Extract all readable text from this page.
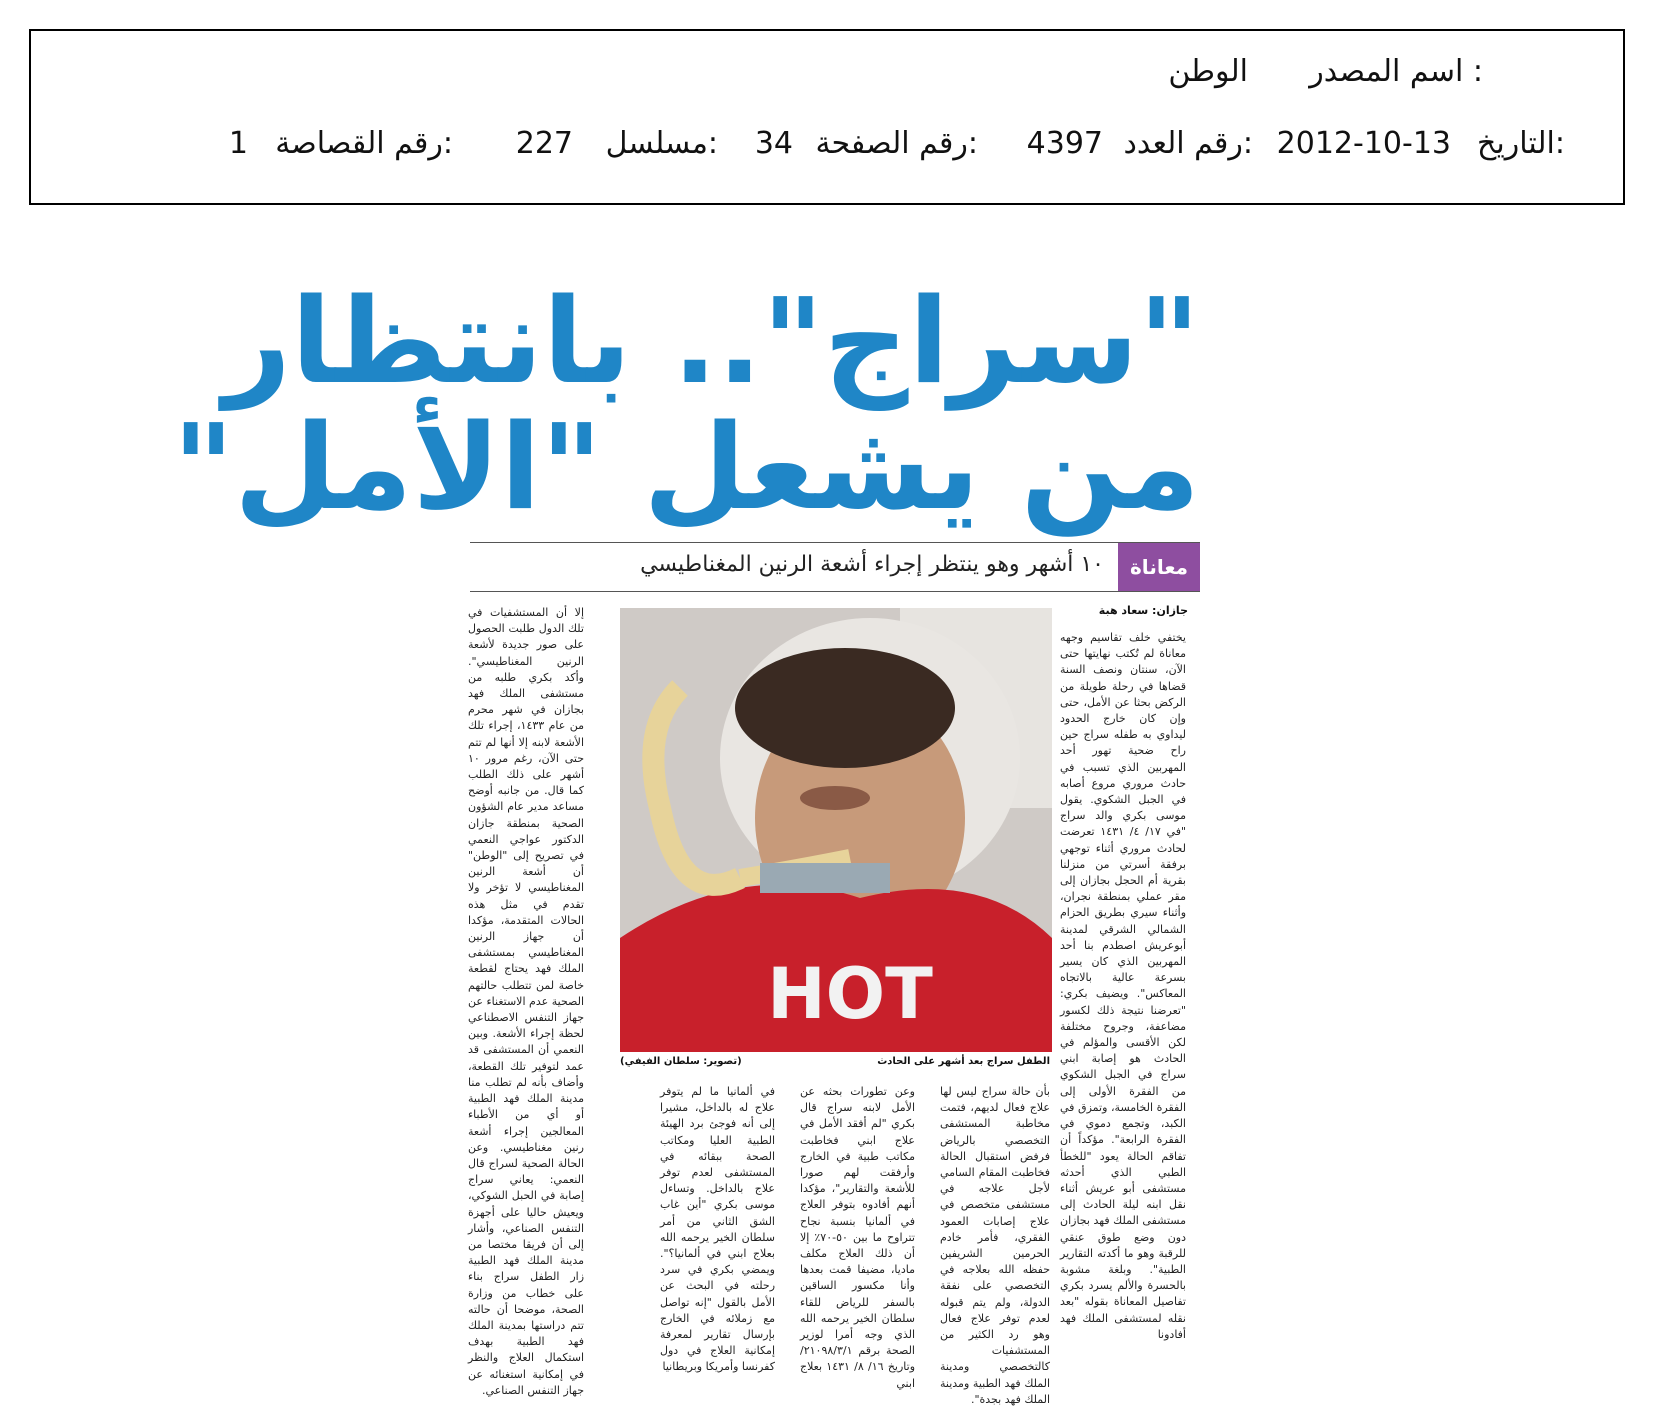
اسم المصدر :
الوطن
التاريخ:
2012-10-13
رقم العدد:
4397
رقم الصفحة:
34
مسلسل:
227
رقم القصاصة:
1
"سراج".. بانتظار
من يشعل "الأمل"
معاناة
١٠ أشهر وهو ينتظر إجراء أشعة الرنين المغناطيسي
جازان: سعاد هبة
يختفي خلف تقاسيم وجهه معاناة لم تُكتب نهايتها حتى الآن، سنتان ونصف السنة قضاها في رحلة طويلة من الركض بحثا عن الأمل، حتى وإن كان خارج الحدود ليداوي به طفله سراج حين راح ضحية تهور أحد المهربين الذي تسبب في حادث مروري مروع أصابه في الجبل الشكوي. يقول موسى بكري والد سراج "في ١٧/ ٤/ ١٤٣١ تعرضت لحادث مروري أثناء توجهي برفقة أسرتي من منزلنا بقرية أم الحجل بجازان إلى مقر عملي بمنطقة نجران، وأثناء سيري بطريق الحزام الشمالي الشرقي لمدينة أبوعريش اصطدم بنا أحد المهربين الذي كان يسير بسرعة عالية بالاتجاه المعاكس". ويضيف بكري: "تعرضنا نتيجة ذلك لكسور مضاعفة، وجروح مختلفة لكن الأقسى والمؤلم في الحادث هو إصابة ابني سراج في الجبل الشكوي من الفقرة الأولى إلى الفقرة الخامسة، وتمزق في الكبد، وتجمع دموي في الفقرة الرابعة". مؤكداً أن تفاقم الحالة يعود "للخطأ الطبي الذي أحدثه مستشفى أبو عريش أثناء نقل ابنه ليلة الحادث إلى مستشفى الملك فهد بجازان دون وضع طوق عنقي للرقبة وهو ما أكدته التقارير الطبية". وبلغة مشوبة بالحسرة والألم يسرد بكري تفاصيل المعاناة بقوله "بعد نقله لمستشفى الملك فهد أفادونا
HOT
الطفل سراج بعد أشهر على الحادث
(تصوير: سلطان الفيفي)
بأن حالة سراج ليس لها علاج فعال لديهم، فتمت مخاطبة المستشفى التخصصي بالرياض فرفض استقبال الحالة فخاطبت المقام السامي لأجل علاجه في مستشفى متخصص في علاج إصابات العمود الفقري، فأمر خادم الحرمين الشريفين حفظه الله بعلاجه في التخصصي على نفقة الدولة، ولم يتم قبوله لعدم توفر علاج فعال وهو رد الكثير من المستشفيات كالتخصصي ومدينة الملك فهد الطبية ومدينة الملك فهد بجدة".
وعن تطورات بحثه عن الأمل لابنه سراج قال بكري "لم أفقد الأمل في علاج ابني فخاطبت مكاتب طبية في الخارج وأرفقت لهم صورا للأشعة والتقارير"، مؤكدا أنهم أفادوه بتوفر العلاج في ألمانيا بنسبة نجاح تتراوح ما بين ٥٠-٧٠٪ إلا أن ذلك العلاج مكلف ماديا، مضيفا قمت بعدها وأنا مكسور الساقين بالسفر للرياض للقاء سلطان الخير يرحمه الله الذي وجه أمرا لوزير الصحة برقم ٢١٠٩٨/٣/١/ وتاريخ ١٦/ ٨/ ١٤٣١ بعلاج ابني
في ألمانيا ما لم يتوفر علاج له بالداخل، مشيرا إلى أنه فوجئ برد الهيئة الطبية العليا ومكاتب الصحة ببقائه في المستشفى لعدم توفر علاج بالداخل. وتساءل موسى بكري "أين غاب الشق الثاني من أمر سلطان الخير يرحمه الله بعلاج ابني في ألمانيا؟". ويمضي بكري في سرد رحلته في البحث عن الأمل بالقول "إنه تواصل مع زملائه في الخارج بإرسال تقارير لمعرفة إمكانية العلاج في دول كفرنسا وأمريكا وبريطانيا
إلا أن المستشفيات في تلك الدول طلبت الحصول على صور جديدة لأشعة الرنين المغناطيسي". وأكد بكري طلبه من مستشفى الملك فهد بجازان في شهر محرم من عام ١٤٣٣، إجراء تلك الأشعة لابنه إلا أنها لم تتم حتى الآن، رغم مرور ١٠ أشهر على ذلك الطلب كما قال. من جانبه أوضح مساعد مدير عام الشؤون الصحية بمنطقة جازان الدكتور عواجي النعمي في تصريح إلى "الوطن" أن أشعة الرنين المغناطيسي لا تؤخر ولا تقدم في مثل هذه الحالات المتقدمة، مؤكدا أن جهاز الرنين المغناطيسي بمستشفى الملك فهد يحتاج لقطعة خاصة لمن تتطلب حالتهم الصحية عدم الاستغناء عن جهاز التنفس الاصطناعي لحظة إجراء الأشعة. وبين النعمي أن المستشفى قد عمد لتوفير تلك القطعة، وأضاف بأنه لم تطلب منا مدينة الملك فهد الطبية أو أي من الأطباء المعالجين إجراء أشعة رنين مغناطيسي. وعن الحالة الصحية لسراج قال النعمي: يعاني سراج إصابة في الحبل الشوكي، ويعيش حاليا على أجهزة التنفس الصناعي، وأشار إلى أن فريقا مختصا من مدينة الملك فهد الطبية زار الطفل سراج بناء على خطاب من وزارة الصحة، موضحا أن حالته تتم دراستها بمدينة الملك فهد الطبية بهدف استكمال العلاج والنظر في إمكانية استغنائه عن جهاز التنفس الصناعي.
